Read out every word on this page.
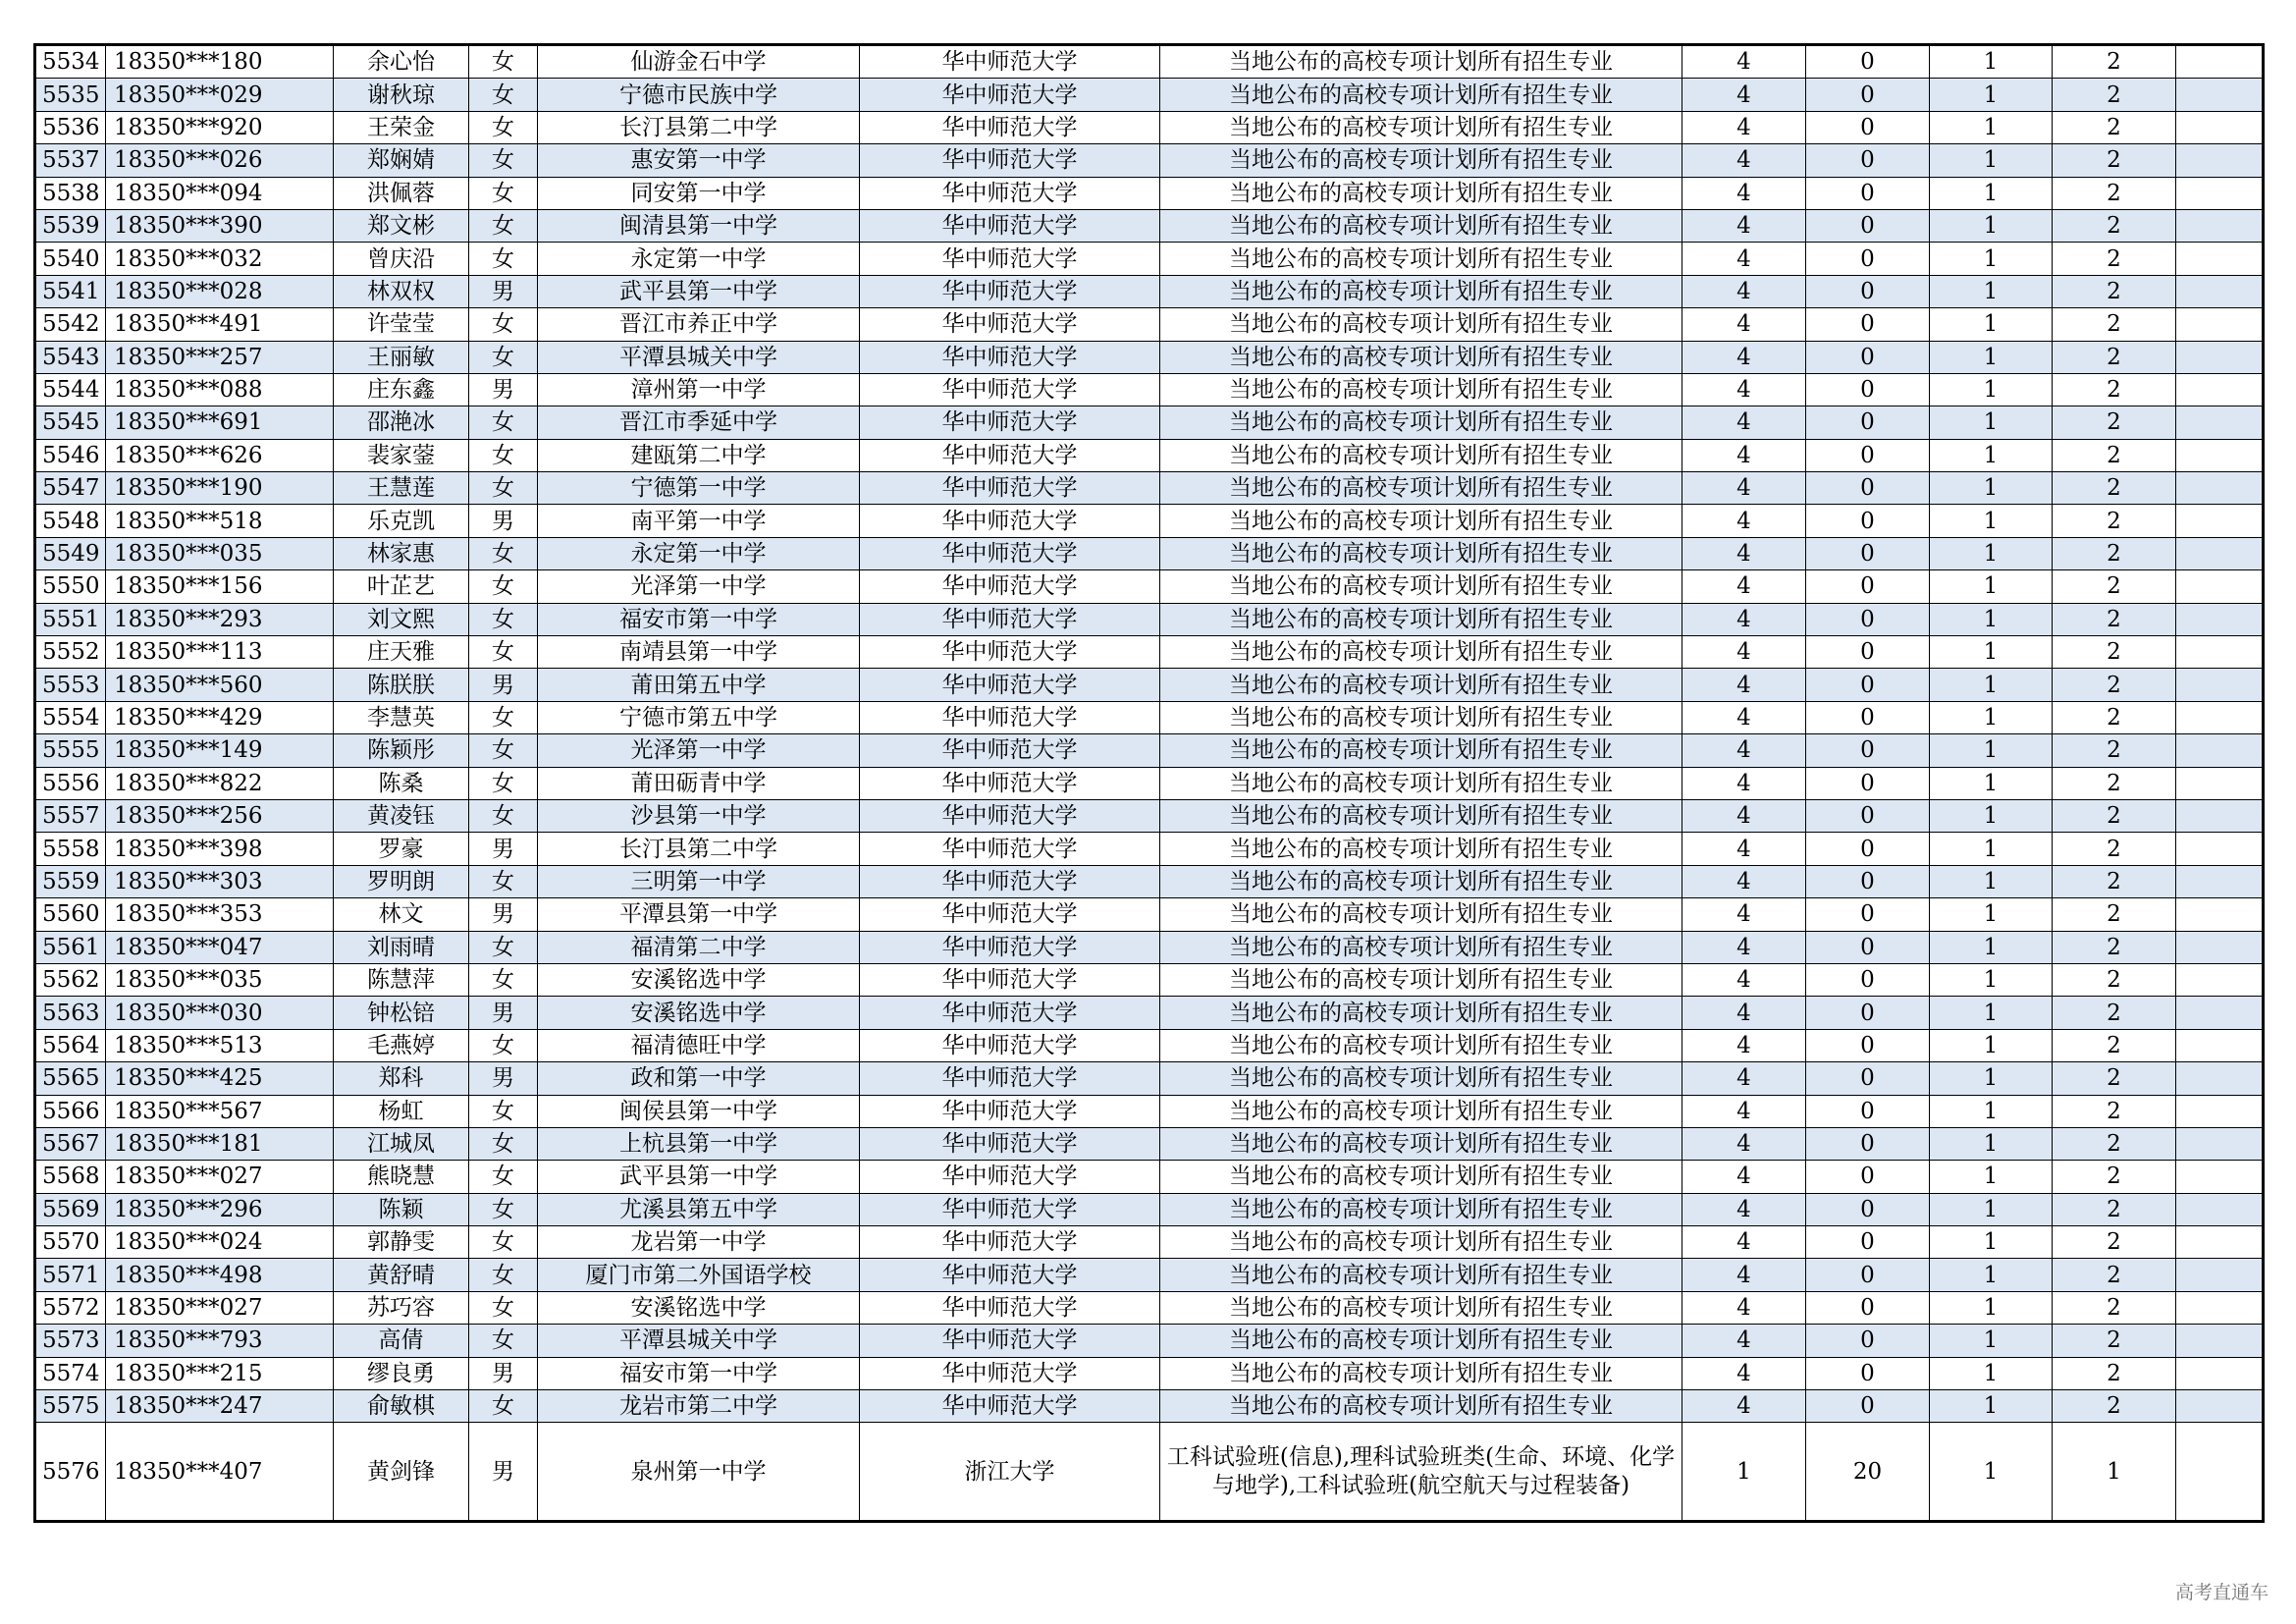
5534	18350***180	余心怡	女	仙游金石中学	华中师范大学	当地公布的高校专项计划所有招生专业	4	0	1	2	
5535	18350***029	谢秋琼	女	宁德市民族中学	华中师范大学	当地公布的高校专项计划所有招生专业	4	0	1	2	
5536	18350***920	王荣金	女	长汀县第二中学	华中师范大学	当地公布的高校专项计划所有招生专业	4	0	1	2	
5537	18350***026	郑娴婧	女	惠安第一中学	华中师范大学	当地公布的高校专项计划所有招生专业	4	0	1	2	
5538	18350***094	洪佩蓉	女	同安第一中学	华中师范大学	当地公布的高校专项计划所有招生专业	4	0	1	2	
5539	18350***390	郑文彬	女	闽清县第一中学	华中师范大学	当地公布的高校专项计划所有招生专业	4	0	1	2	
5540	18350***032	曾庆沿	女	永定第一中学	华中师范大学	当地公布的高校专项计划所有招生专业	4	0	1	2	
5541	18350***028	林双权	男	武平县第一中学	华中师范大学	当地公布的高校专项计划所有招生专业	4	0	1	2	
5542	18350***491	许莹莹	女	晋江市养正中学	华中师范大学	当地公布的高校专项计划所有招生专业	4	0	1	2	
5543	18350***257	王丽敏	女	平潭县城关中学	华中师范大学	当地公布的高校专项计划所有招生专业	4	0	1	2	
5544	18350***088	庄东鑫	男	漳州第一中学	华中师范大学	当地公布的高校专项计划所有招生专业	4	0	1	2	
5545	18350***691	邵滟冰	女	晋江市季延中学	华中师范大学	当地公布的高校专项计划所有招生专业	4	0	1	2	
5546	18350***626	裴家蓥	女	建瓯第二中学	华中师范大学	当地公布的高校专项计划所有招生专业	4	0	1	2	
5547	18350***190	王慧莲	女	宁德第一中学	华中师范大学	当地公布的高校专项计划所有招生专业	4	0	1	2	
5548	18350***518	乐克凯	男	南平第一中学	华中师范大学	当地公布的高校专项计划所有招生专业	4	0	1	2	
5549	18350***035	林家惠	女	永定第一中学	华中师范大学	当地公布的高校专项计划所有招生专业	4	0	1	2	
5550	18350***156	叶芷艺	女	光泽第一中学	华中师范大学	当地公布的高校专项计划所有招生专业	4	0	1	2	
5551	18350***293	刘文熙	女	福安市第一中学	华中师范大学	当地公布的高校专项计划所有招生专业	4	0	1	2	
5552	18350***113	庄天雅	女	南靖县第一中学	华中师范大学	当地公布的高校专项计划所有招生专业	4	0	1	2	
5553	18350***560	陈朕朕	男	莆田第五中学	华中师范大学	当地公布的高校专项计划所有招生专业	4	0	1	2	
5554	18350***429	李慧英	女	宁德市第五中学	华中师范大学	当地公布的高校专项计划所有招生专业	4	0	1	2	
5555	18350***149	陈颖彤	女	光泽第一中学	华中师范大学	当地公布的高校专项计划所有招生专业	4	0	1	2	
5556	18350***822	陈桑	女	莆田砺青中学	华中师范大学	当地公布的高校专项计划所有招生专业	4	0	1	2	
5557	18350***256	黄凌钰	女	沙县第一中学	华中师范大学	当地公布的高校专项计划所有招生专业	4	0	1	2	
5558	18350***398	罗豪	男	长汀县第二中学	华中师范大学	当地公布的高校专项计划所有招生专业	4	0	1	2	
5559	18350***303	罗明朗	女	三明第一中学	华中师范大学	当地公布的高校专项计划所有招生专业	4	0	1	2	
5560	18350***353	林文	男	平潭县第一中学	华中师范大学	当地公布的高校专项计划所有招生专业	4	0	1	2	
5561	18350***047	刘雨晴	女	福清第二中学	华中师范大学	当地公布的高校专项计划所有招生专业	4	0	1	2	
5562	18350***035	陈慧萍	女	安溪铭选中学	华中师范大学	当地公布的高校专项计划所有招生专业	4	0	1	2	
5563	18350***030	钟松锫	男	安溪铭选中学	华中师范大学	当地公布的高校专项计划所有招生专业	4	0	1	2	
5564	18350***513	毛燕婷	女	福清德旺中学	华中师范大学	当地公布的高校专项计划所有招生专业	4	0	1	2	
5565	18350***425	郑科	男	政和第一中学	华中师范大学	当地公布的高校专项计划所有招生专业	4	0	1	2	
5566	18350***567	杨虹	女	闽侯县第一中学	华中师范大学	当地公布的高校专项计划所有招生专业	4	0	1	2	
5567	18350***181	江城凤	女	上杭县第一中学	华中师范大学	当地公布的高校专项计划所有招生专业	4	0	1	2	
5568	18350***027	熊晓慧	女	武平县第一中学	华中师范大学	当地公布的高校专项计划所有招生专业	4	0	1	2	
5569	18350***296	陈颖	女	尤溪县第五中学	华中师范大学	当地公布的高校专项计划所有招生专业	4	0	1	2	
5570	18350***024	郭静雯	女	龙岩第一中学	华中师范大学	当地公布的高校专项计划所有招生专业	4	0	1	2	
5571	18350***498	黄舒晴	女	厦门市第二外国语学校	华中师范大学	当地公布的高校专项计划所有招生专业	4	0	1	2	
5572	18350***027	苏巧容	女	安溪铭选中学	华中师范大学	当地公布的高校专项计划所有招生专业	4	0	1	2	
5573	18350***793	高倩	女	平潭县城关中学	华中师范大学	当地公布的高校专项计划所有招生专业	4	0	1	2	
5574	18350***215	缪良勇	男	福安市第一中学	华中师范大学	当地公布的高校专项计划所有招生专业	4	0	1	2	
5575	18350***247	俞敏棋	女	龙岩市第二中学	华中师范大学	当地公布的高校专项计划所有招生专业	4	0	1	2	
5576	18350***407	黄剑锋	男	泉州第一中学	浙江大学	工科试验班(信息),理科试验班类(生命、环境、化学与地学),工科试验班(航空航天与过程装备)	1	20	1	1	
高考直通车
